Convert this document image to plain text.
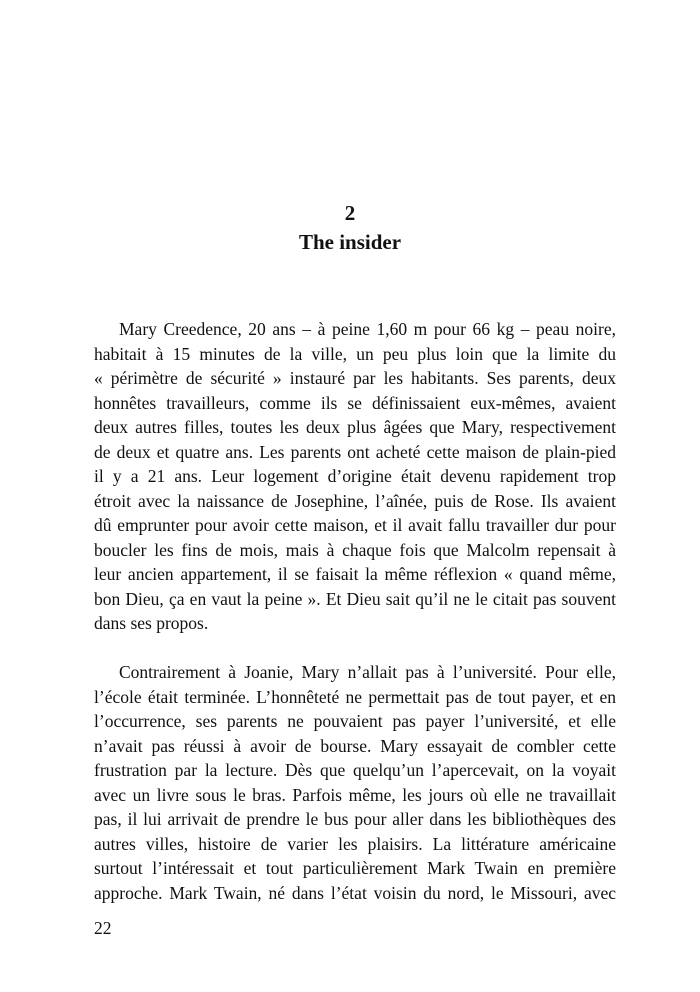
2
The insider
Mary Creedence, 20 ans – à peine 1,60 m pour 66 kg – peau noire,
habitait à 15 minutes de la ville, un peu plus loin que la limite du
« périmètre de sécurité » instauré par les habitants. Ses parents, deux
honnêtes travailleurs, comme ils se définissaient eux-mêmes, avaient
deux autres filles, toutes les deux plus âgées que Mary, respectivement
de deux et quatre ans. Les parents ont acheté cette maison de plain-pied
il y a 21 ans. Leur logement d’origine était devenu rapidement trop
étroit avec la naissance de Josephine, l’aînée, puis de Rose. Ils avaient
dû emprunter pour avoir cette maison, et il avait fallu travailler dur pour
boucler les fins de mois, mais à chaque fois que Malcolm repensait à
leur ancien appartement, il se faisait la même réflexion « quand même,
bon Dieu, ça en vaut la peine ». Et Dieu sait qu’il ne le citait pas souvent
dans ses propos.
Contrairement à Joanie, Mary n’allait pas à l’université. Pour elle,
l’école était terminée. L’honnêteté ne permettait pas de tout payer, et en
l’occurrence, ses parents ne pouvaient pas payer l’université, et elle
n’avait pas réussi à avoir de bourse. Mary essayait de combler cette
frustration par la lecture. Dès que quelqu’un l’apercevait, on la voyait
avec un livre sous le bras. Parfois même, les jours où elle ne travaillait
pas, il lui arrivait de prendre le bus pour aller dans les bibliothèques des
autres villes, histoire de varier les plaisirs. La littérature américaine
surtout l’intéressait et tout particulièrement Mark Twain en première
approche. Mark Twain, né dans l’état voisin du nord, le Missouri, avec
22
